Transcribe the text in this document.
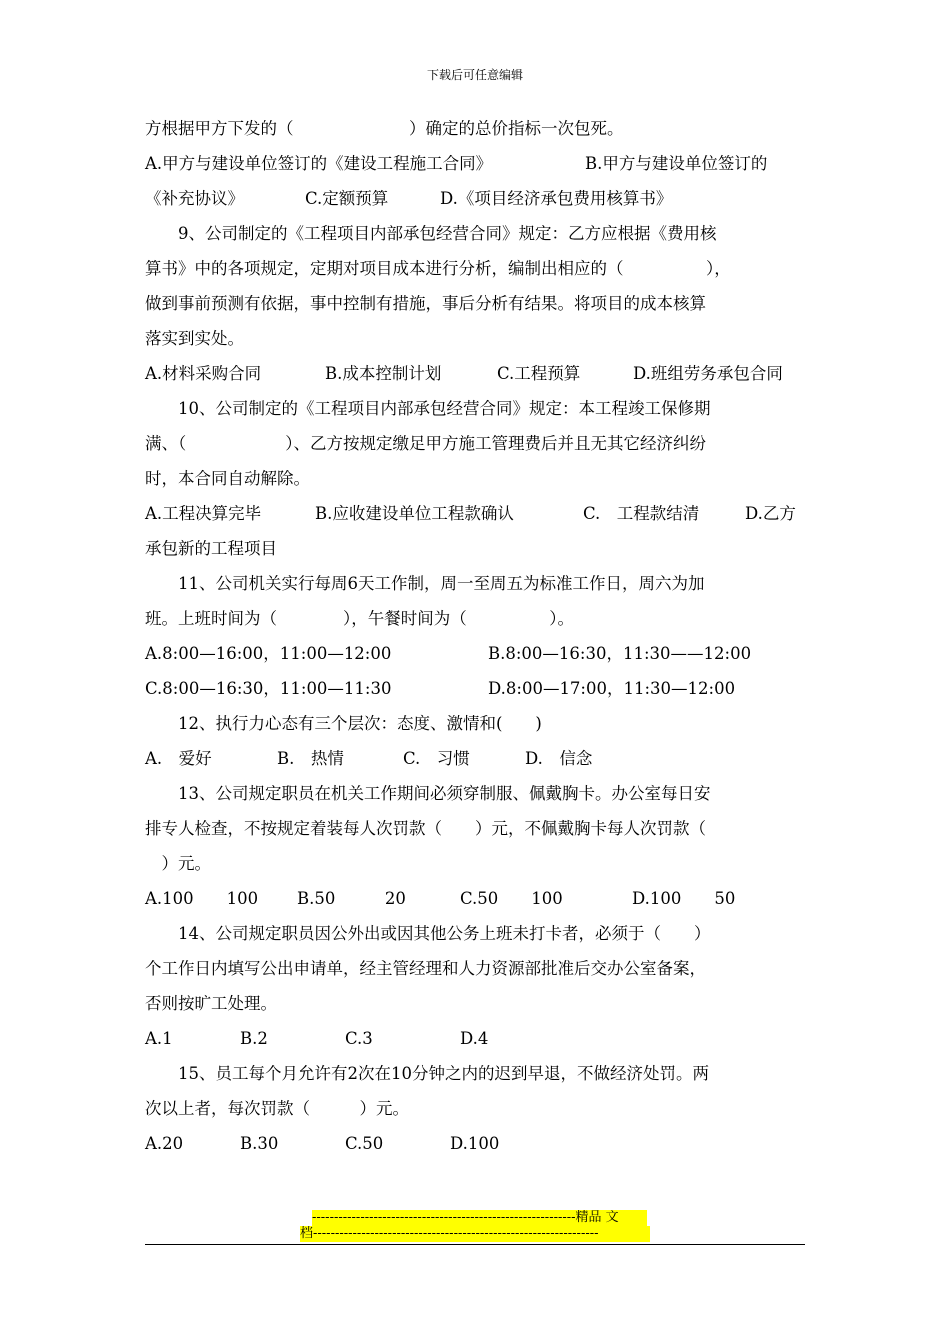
下载后可任意编辑
方根据甲方下发的（　　　　　　　）确定的总价指标一次包死。
A.甲方与建设单位签订的《建设工程施工合同》	B.甲方与建设单位签订的
《补充协议》	C.定额预算	D.《项目经济承包费用核算书》
9、公司制定的《工程项目内部承包经营合同》规定：乙方应根据《费用核
算书》中的各项规定，定期对项目成本进行分析，编制出相应的（　　　　　），
做到事前预测有依据，事中控制有措施，事后分析有结果。将项目的成本核算
落实到实处。
A.材料采购合同	B.成本控制计划	C.工程预算	D.班组劳务承包合同
10、公司制定的《工程项目内部承包经营合同》规定：本工程竣工保修期
满、（　　　　　　）、乙方按规定缴足甲方施工管理费后并且无其它经济纠纷
时，本合同自动解除。
A.工程决算完毕	B.应收建设单位工程款确认	C.　工程款结清	D.乙方
承包新的工程项目
11、公司机关实行每周6天工作制，周一至周五为标准工作日，周六为加
班。上班时间为（　　　　），午餐时间为（　　　　　）。
A.8:00—16:00，11:00—12:00	B.8:00—16:30，11:30——12:00
C.8:00—16:30，11:00—11:30	D.8:00—17:00，11:30—12:00
12、执行力心态有三个层次：态度、激情和(　　)
A.　爱好	B.　热情	C.　习惯	D.　信念
13、公司规定职员在机关工作期间必须穿制服、佩戴胸卡。办公室每日安
排专人检查，不按规定着装每人次罚款（　　）元，不佩戴胸卡每人次罚款（
　）元。
A.100　　100	B.50　　　20	C.50　　100	D.100　　50
14、公司规定职员因公外出或因其他公务上班未打卡者，必须于（　　）
个工作日内填写公出申请单，经主管经理和人力资源部批准后交办公室备案，
否则按旷工处理。
A.1	B.2	C.3	D.4
15、员工每个月允许有2次在10分钟之内的迟到早退，不做经济处罚。两
次以上者，每次罚款（　　　）元。
A.20	B.30	C.50	D.100
------------------------------------------------------------精品 文
档-----------------------------------------------------------------
